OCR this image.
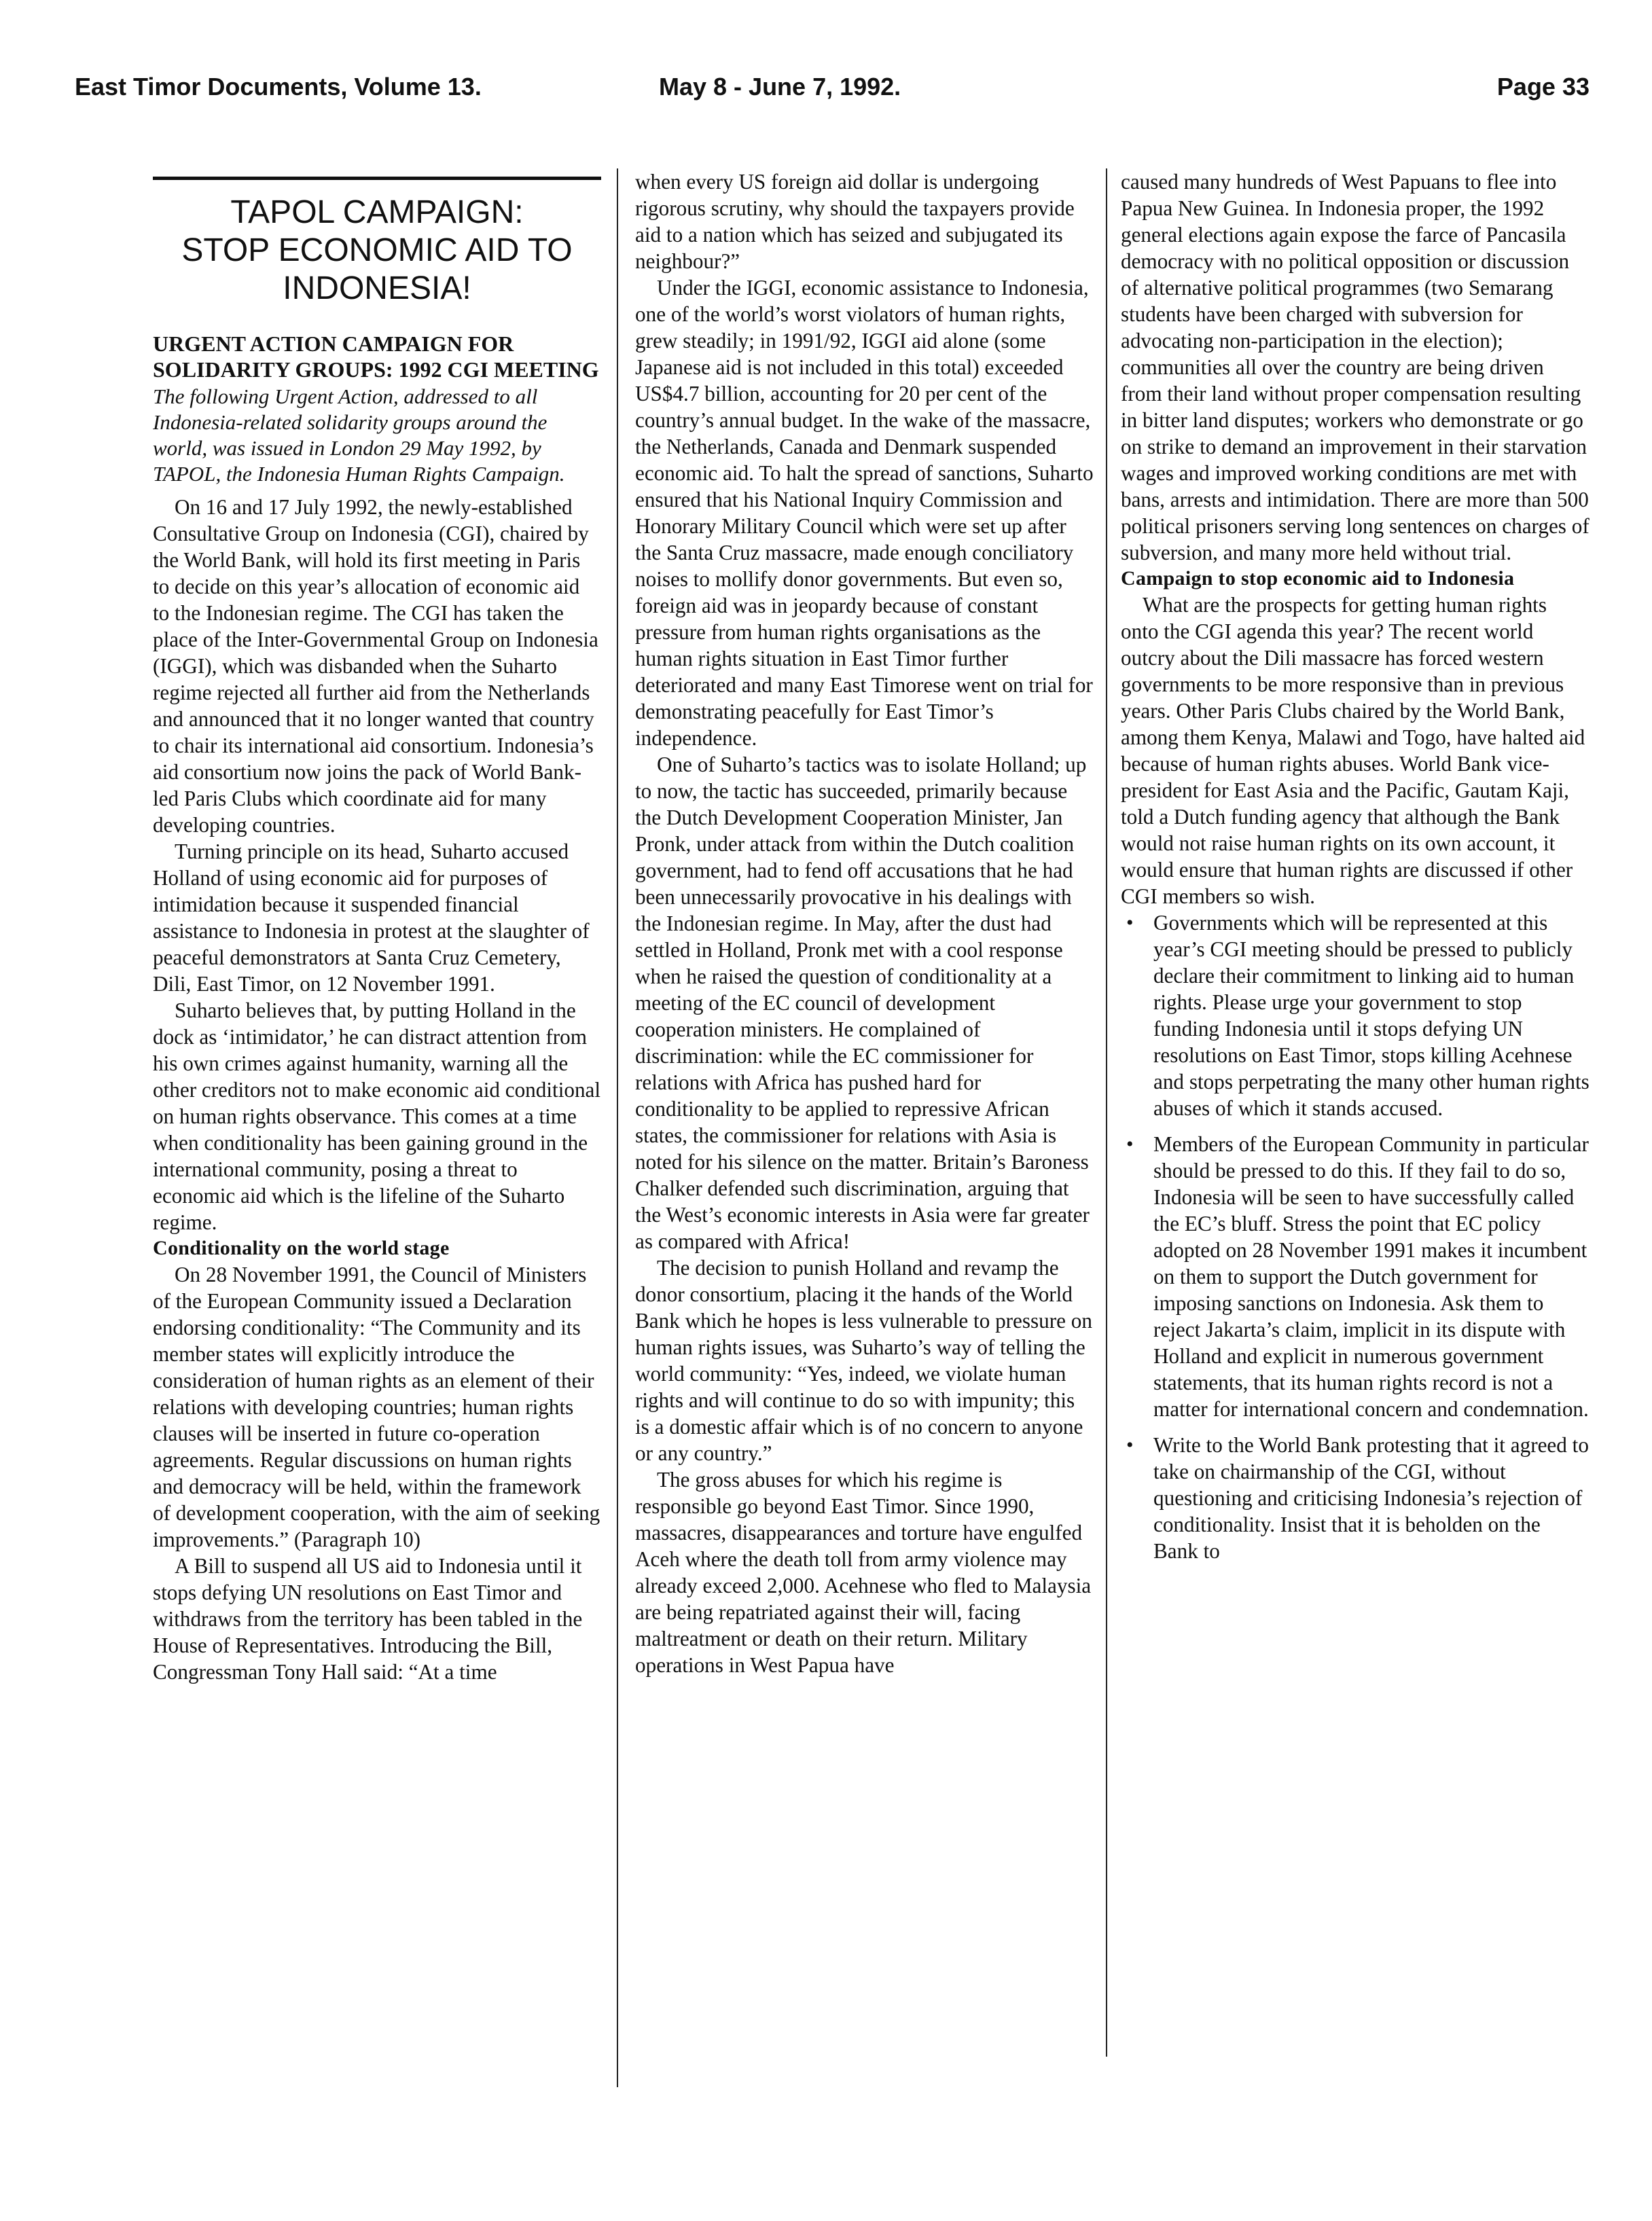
East Timor Documents, Volume 13.	May 8 - June 7, 1992.	Page 33
TAPOL CAMPAIGN:
STOP ECONOMIC AID TO
INDONESIA!
URGENT ACTION CAMPAIGN FOR SOLIDARITY GROUPS: 1992 CGI MEETING
The following Urgent Action, addressed to all Indonesia-related solidarity groups around the world, was issued in London 29 May 1992, by TAPOL, the Indonesia Human Rights Campaign.

On 16 and 17 July 1992, the newly-established Consultative Group on Indonesia (CGI), chaired by the World Bank, will hold its first meeting in Paris to decide on this year’s allocation of economic aid to the Indonesian regime. The CGI has taken the place of the Inter-Governmental Group on Indonesia (IGGI), which was disbanded when the Suharto regime rejected all further aid from the Netherlands and announced that it no longer wanted that country to chair its international aid consortium. Indonesia’s aid consortium now joins the pack of World Bank-led Paris Clubs which coordinate aid for many developing countries.

Turning principle on its head, Suharto accused Holland of using economic aid for purposes of intimidation because it suspended financial assistance to Indonesia in protest at the slaughter of peaceful demonstrators at Santa Cruz Cemetery, Dili, East Timor, on 12 November 1991.

Suharto believes that, by putting Holland in the dock as ‘intimidator,’ he can distract attention from his own crimes against humanity, warning all the other creditors not to make economic aid conditional on human rights observance. This comes at a time when conditionality has been gaining ground in the international community, posing a threat to economic aid which is the lifeline of the Suharto regime.

Conditionality on the world stage

On 28 November 1991, the Council of Ministers of the European Community issued a Declaration endorsing conditionality: “The Community and its member states will explicitly introduce the consideration of human rights as an element of their relations with developing countries; human rights clauses will be inserted in future co-operation agreements. Regular discussions on human rights and democracy will be held, within the framework of development cooperation, with the aim of seeking improvements.” (Paragraph 10)

A Bill to suspend all US aid to Indonesia until it stops defying UN resolutions on East Timor and withdraws from the territory has been tabled in the House of Representatives. Introducing the Bill, Congressman Tony Hall said: “At a time

when every US foreign aid dollar is undergoing rigorous scrutiny, why should the taxpayers provide aid to a nation which has seized and subjugated its neighbour?”

Under the IGGI, economic assistance to Indonesia, one of the world’s worst violators of human rights, grew steadily; in 1991/92, IGGI aid alone (some Japanese aid is not included in this total) exceeded US$4.7 billion, accounting for 20 per cent of the country’s annual budget. In the wake of the massacre, the Netherlands, Canada and Denmark suspended economic aid. To halt the spread of sanctions, Suharto ensured that his National Inquiry Commission and Honorary Military Council which were set up after the Santa Cruz massacre, made enough conciliatory noises to mollify donor governments. But even so, foreign aid was in jeopardy because of constant pressure from human rights organisations as the human rights situation in East Timor further deteriorated and many East Timorese went on trial for demonstrating peacefully for East Timor’s independence.

One of Suharto’s tactics was to isolate Holland; up to now, the tactic has succeeded, primarily because the Dutch Development Cooperation Minister, Jan Pronk, under attack from within the Dutch coalition government, had to fend off accusations that he had been unnecessarily provocative in his dealings with the Indonesian regime. In May, after the dust had settled in Holland, Pronk met with a cool response when he raised the question of conditionality at a meeting of the EC council of development cooperation ministers. He complained of discrimination: while the EC commissioner for relations with Africa has pushed hard for conditionality to be applied to repressive African states, the commissioner for relations with Asia is noted for his silence on the matter. Britain’s Baroness Chalker defended such discrimination, arguing that the West’s economic interests in Asia were far greater as compared with Africa!

The decision to punish Holland and revamp the donor consortium, placing it the hands of the World Bank which he hopes is less vulnerable to pressure on human rights issues, was Suharto’s way of telling the world community: “Yes, indeed, we violate human rights and will continue to do so with impunity; this is a domestic affair which is of no concern to anyone or any country.”

The gross abuses for which his regime is responsible go beyond East Timor. Since 1990, massacres, disappearances and torture have engulfed Aceh where the death toll from army violence may already exceed 2,000. Acehnese who fled to Malaysia are being repatriated against their will, facing maltreatment or death on their return. Military operations in West Papua have

caused many hundreds of West Papuans to flee into Papua New Guinea. In Indonesia proper, the 1992 general elections again expose the farce of Pancasila democracy with no political opposition or discussion of alternative political programmes (two Semarang students have been charged with subversion for advocating non-participation in the election); communities all over the country are being driven from their land without proper compensation resulting in bitter land disputes; workers who demonstrate or go on strike to demand an improvement in their starvation wages and improved working conditions are met with bans, arrests and intimidation. There are more than 500 political prisoners serving long sentences on charges of subversion, and many more held without trial.

Campaign to stop economic aid to Indonesia

What are the prospects for getting human rights onto the CGI agenda this year? The recent world outcry about the Dili massacre has forced western governments to be more responsive than in previous years. Other Paris Clubs chaired by the World Bank, among them Kenya, Malawi and Togo, have halted aid because of human rights abuses. World Bank vice-president for East Asia and the Pacific, Gautam Kaji, told a Dutch funding agency that although the Bank would not raise human rights on its own account, it would ensure that human rights are discussed if other CGI members so wish.

• Governments which will be represented at this year’s CGI meeting should be pressed to publicly declare their commitment to linking aid to human rights. Please urge your government to stop funding Indonesia until it stops defying UN resolutions on East Timor, stops killing Acehnese and stops perpetrating the many other human rights abuses of which it stands accused.
• Members of the European Community in particular should be pressed to do this. If they fail to do so, Indonesia will be seen to have successfully called the EC’s bluff. Stress the point that EC policy adopted on 28 November 1991 makes it incumbent on them to support the Dutch government for imposing sanctions on Indonesia. Ask them to reject Jakarta’s claim, implicit in its dispute with Holland and explicit in numerous government statements, that its human rights record is not a matter for international concern and condemnation.
• Write to the World Bank protesting that it agreed to take on chairmanship of the CGI, without questioning and criticising Indonesia’s rejection of conditionality. Insist that it is beholden on the Bank to
